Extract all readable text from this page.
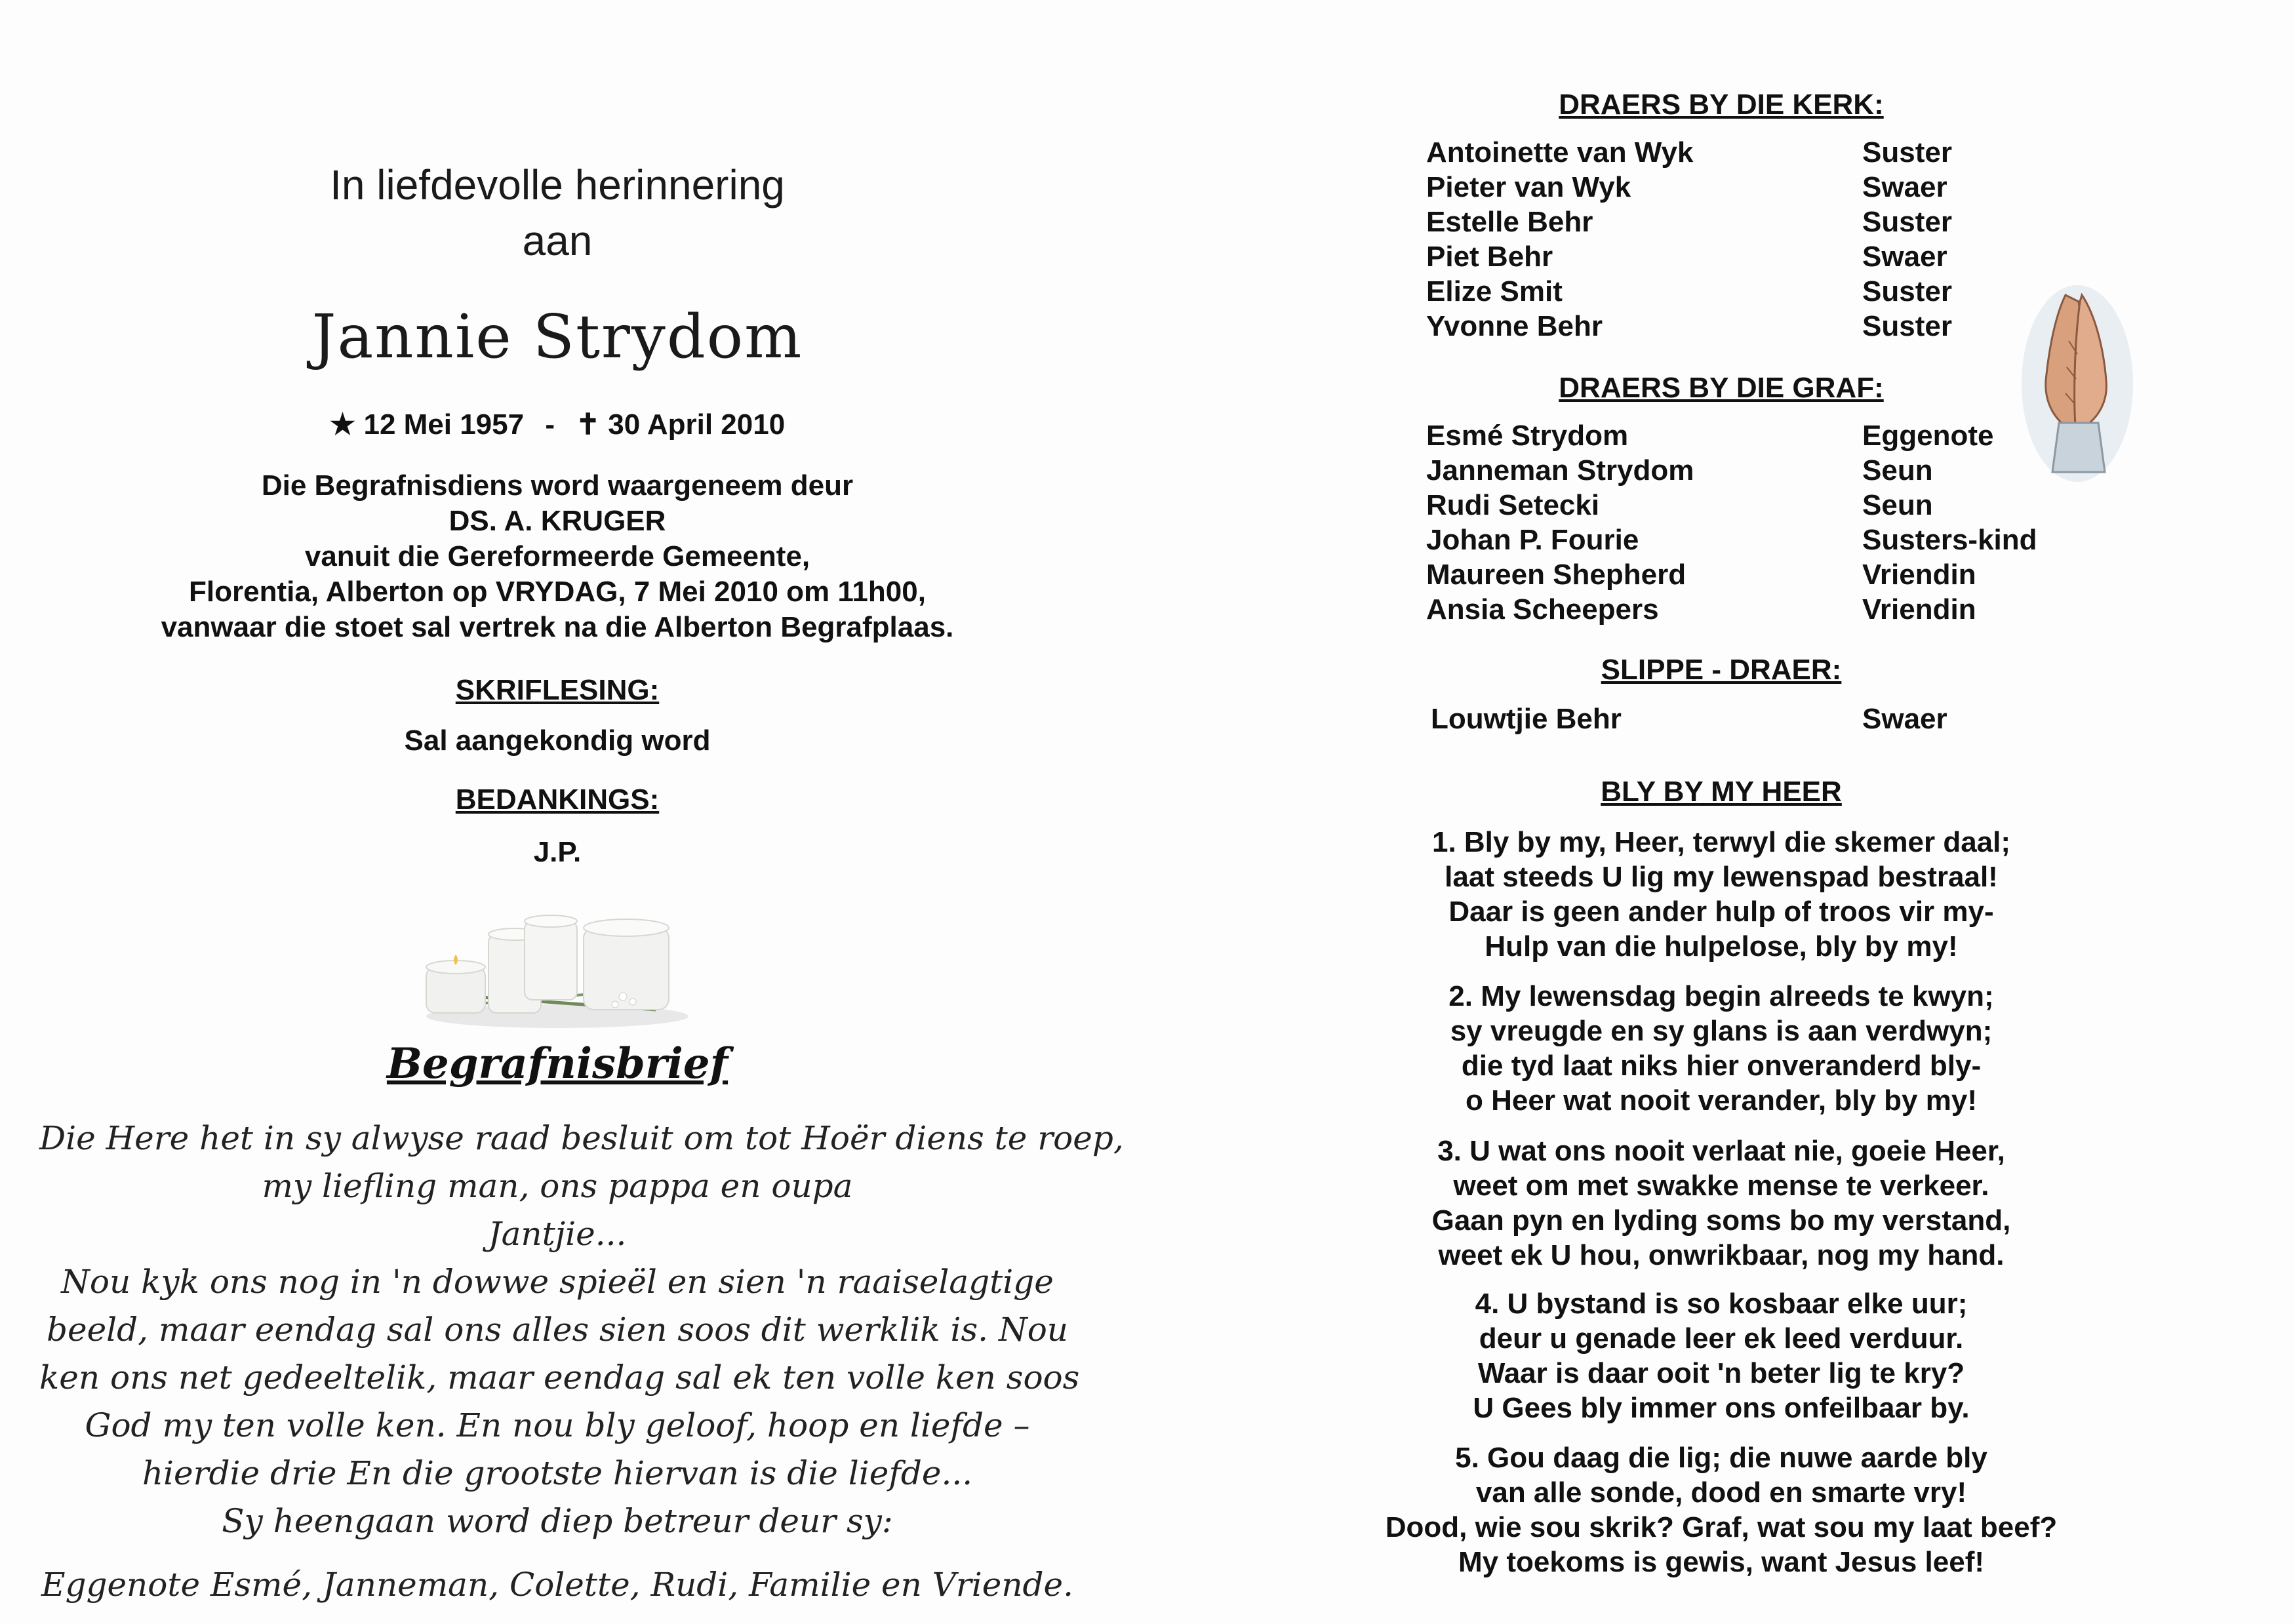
In liefdevolle herinnering
aan
Jannie Strydom
★ 12 Mei 1957 - ✝ 30 April 2010
Die Begrafnisdiens word waargeneem deur
DS. A. KRUGER
vanuit die Gereformeerde Gemeente,
Florentia, Alberton op VRYDAG, 7 Mei 2010 om 11h00,
vanwaar die stoet sal vertrek na die Alberton Begrafplaas.
SKRIFLESING:
Sal aangekondig word
BEDANKINGS:
J.P.
Begrafnisbrief
Die Here het in sy alwyse raad besluit om tot Hoër diens te roep,
my liefling man, ons pappa en oupa
Jantjie...
Nou kyk ons nog in 'n dowwe spieël en sien 'n raaiselagtige
beeld, maar eendag sal ons alles sien soos dit werklik is. Nou
ken ons net gedeeltelik, maar eendag sal ek ten volle ken soos
God my ten volle ken. En nou bly geloof, hoop en liefde –
hierdie drie En die grootste hiervan is die liefde...
Sy heengaan word diep betreur deur sy:
Eggenote Esmé, Janneman, Colette, Rudi, Familie en Vriende.
DRAERS BY DIE KERK:
Antoinette van Wyk	Suster
Pieter van Wyk	Swaer
Estelle Behr	Suster
Piet Behr	Swaer
Elize Smit	Suster
Yvonne Behr	Suster
DRAERS BY DIE GRAF:
Esmé Strydom	Eggenote
Janneman Strydom	Seun
Rudi Setecki	Seun
Johan P. Fourie	Susters-kind
Maureen Shepherd	Vriendin
Ansia Scheepers	Vriendin
SLIPPE - DRAER:
Louwtjie Behr	Swaer
BLY BY MY HEER
1. Bly by my, Heer, terwyl die skemer daal;
laat steeds U lig my lewenspad bestraal!
Daar is geen ander hulp of troos vir my-
Hulp van die hulpelose, bly by my!
2. My lewensdag begin alreeds te kwyn;
sy vreugde en sy glans is aan verdwyn;
die tyd laat niks hier onveranderd bly-
o Heer wat nooit verander, bly by my!
3. U wat ons nooit verlaat nie, goeie Heer,
weet om met swakke mense te verkeer.
Gaan pyn en lyding soms bo my verstand,
weet ek U hou, onwrikbaar, nog my hand.
4. U bystand is so kosbaar elke uur;
deur u genade leer ek leed verduur.
Waar is daar ooit 'n beter lig te kry?
U Gees bly immer ons onfeilbaar by.
5. Gou daag die lig; die nuwe aarde bly
van alle sonde, dood en smarte vry!
Dood, wie sou skrik? Graf, wat sou my laat beef?
My toekoms is gewis, want Jesus leef!
